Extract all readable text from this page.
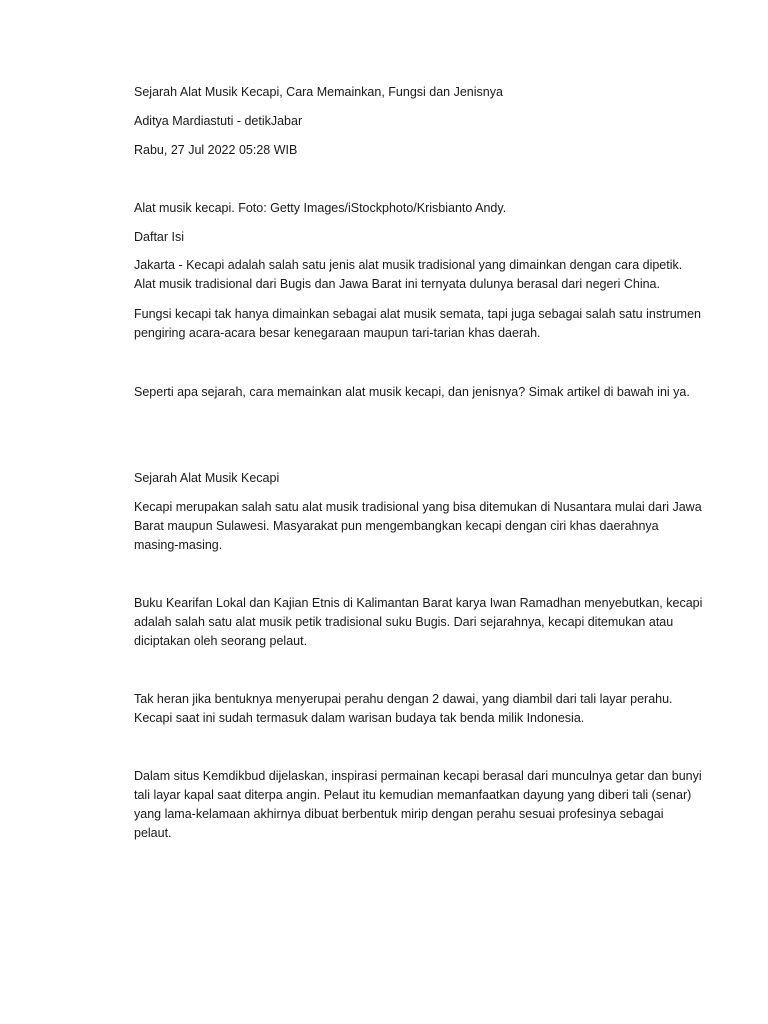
Sejarah Alat Musik Kecapi, Cara Memainkan, Fungsi dan Jenisnya
Aditya Mardiastuti - detikJabar
Rabu, 27 Jul 2022 05:28 WIB
Alat musik kecapi. Foto: Getty Images/iStockphoto/Krisbianto Andy.
Daftar Isi
Jakarta - Kecapi adalah salah satu jenis alat musik tradisional yang dimainkan dengan cara dipetik. Alat musik tradisional dari Bugis dan Jawa Barat ini ternyata dulunya berasal dari negeri China.
Fungsi kecapi tak hanya dimainkan sebagai alat musik semata, tapi juga sebagai salah satu instrumen pengiring acara-acara besar kenegaraan maupun tari-tarian khas daerah.
Seperti apa sejarah, cara memainkan alat musik kecapi, dan jenisnya? Simak artikel di bawah ini ya.
Sejarah Alat Musik Kecapi
Kecapi merupakan salah satu alat musik tradisional yang bisa ditemukan di Nusantara mulai dari Jawa Barat maupun Sulawesi. Masyarakat pun mengembangkan kecapi dengan ciri khas daerahnya masing-masing.
Buku Kearifan Lokal dan Kajian Etnis di Kalimantan Barat karya Iwan Ramadhan menyebutkan, kecapi adalah salah satu alat musik petik tradisional suku Bugis. Dari sejarahnya, kecapi ditemukan atau diciptakan oleh seorang pelaut.
Tak heran jika bentuknya menyerupai perahu dengan 2 dawai, yang diambil dari tali layar perahu. Kecapi saat ini sudah termasuk dalam warisan budaya tak benda milik Indonesia.
Dalam situs Kemdikbud dijelaskan, inspirasi permainan kecapi berasal dari munculnya getar dan bunyi tali layar kapal saat diterpa angin. Pelaut itu kemudian memanfaatkan dayung yang diberi tali (senar) yang lama-kelamaan akhirnya dibuat berbentuk mirip dengan perahu sesuai profesinya sebagai pelaut.
